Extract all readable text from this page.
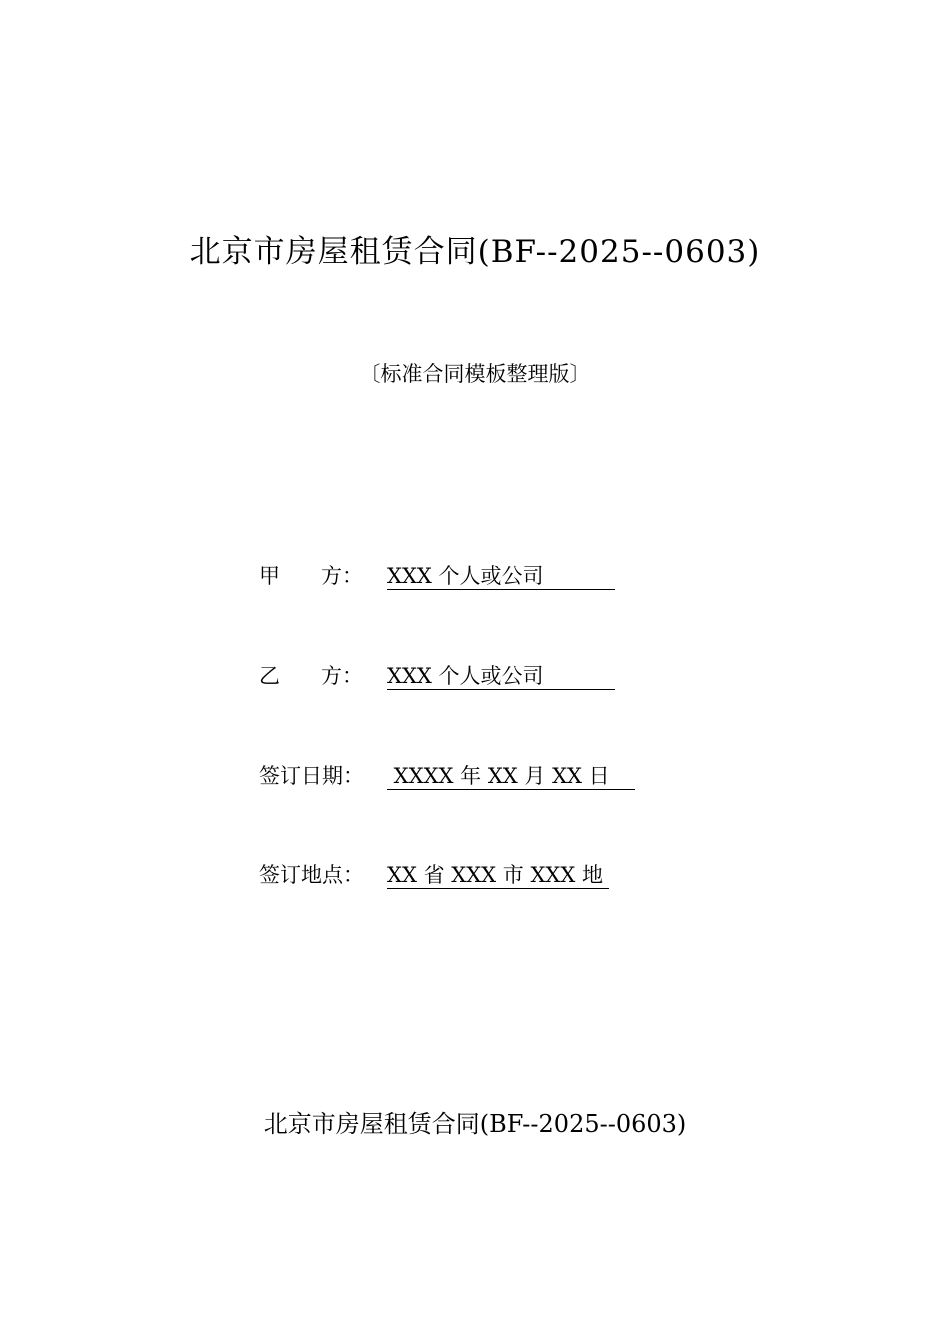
北京市房屋租赁合同(BF--2025--0603)
〔标准合同模板整理版〕
甲 方： XXX 个人或公司
乙 方： XXX 个人或公司
签订日期：	XXXX 年 XX 月 XX 日
签订地点：	XX 省 XXX 市 XXX 地
北京市房屋租赁合同(BF--2025--0603)
